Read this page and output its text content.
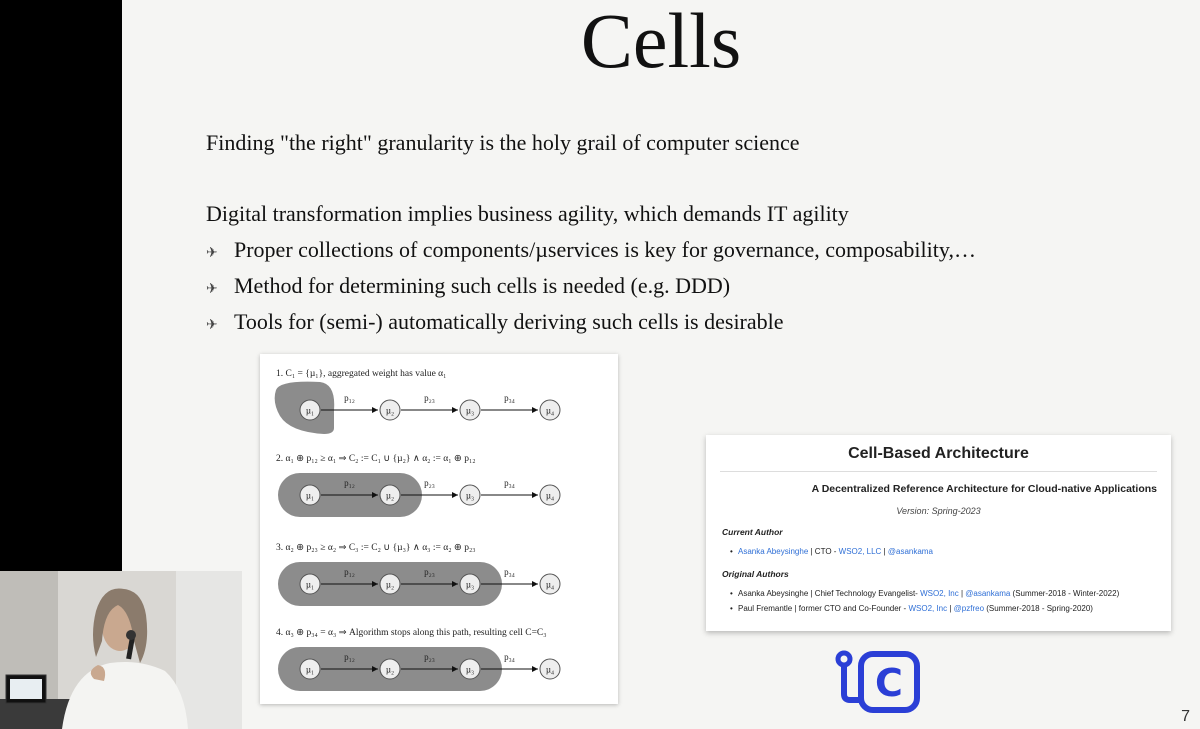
Cells
Finding "the right" granularity is the holy grail of computer science
Digital transformation implies business agility, which demands IT agility
✈ Proper collections of components/µservices is key for governance, composability,…
✈ Method for determining such cells is needed (e.g. DDD)
✈ Tools for (semi-) automatically deriving such cells is desirable
1. C₁ = {µ₁}, aggregated weight has value α₁
p₁₂	p₂₃	p₃₄
µ₁	µ₂	µ₃	µ₄
2. α₁ ⊕ p₁₂ ≥ α₁ ⇒ C₂ := C₁ ∪ {µ₂} ∧ α₂ := α₁ ⊕ p₁₂
p₁₂	p₂₃	p₃₄
µ₁	µ₂	µ₃	µ₄
3. α₂ ⊕ p₂₃ ≥ α₂ ⇒ C₃ := C₂ ∪ {µ₃} ∧ α₃ := α₂ ⊕ p₂₃
p₁₂	p₂₃	p₃₄
µ₁	µ₂	µ₃	µ₄
4. α₃ ⊕ p₃₄ = α₃ ⇒ Algorithm stops along this path, resulting cell C=C₃
p₁₂	p₂₃	p₃₄
µ₁	µ₂	µ₃	µ₄
Cell-Based Architecture
A Decentralized Reference Architecture for Cloud-native Applications
Version: Spring-2023
Current Author
• Asanka Abeysinghe | CTO - WSO2, LLC | @asankama
Original Authors
• Asanka Abeysinghe | Chief Technology Evangelist- WSO2, Inc | @asankama (Summer-2018 - Winter-2022)
• Paul Fremantle | former CTO and Co-Founder - WSO2, Inc | @pzfreo (Summer-2018 - Spring-2020)
C
7
